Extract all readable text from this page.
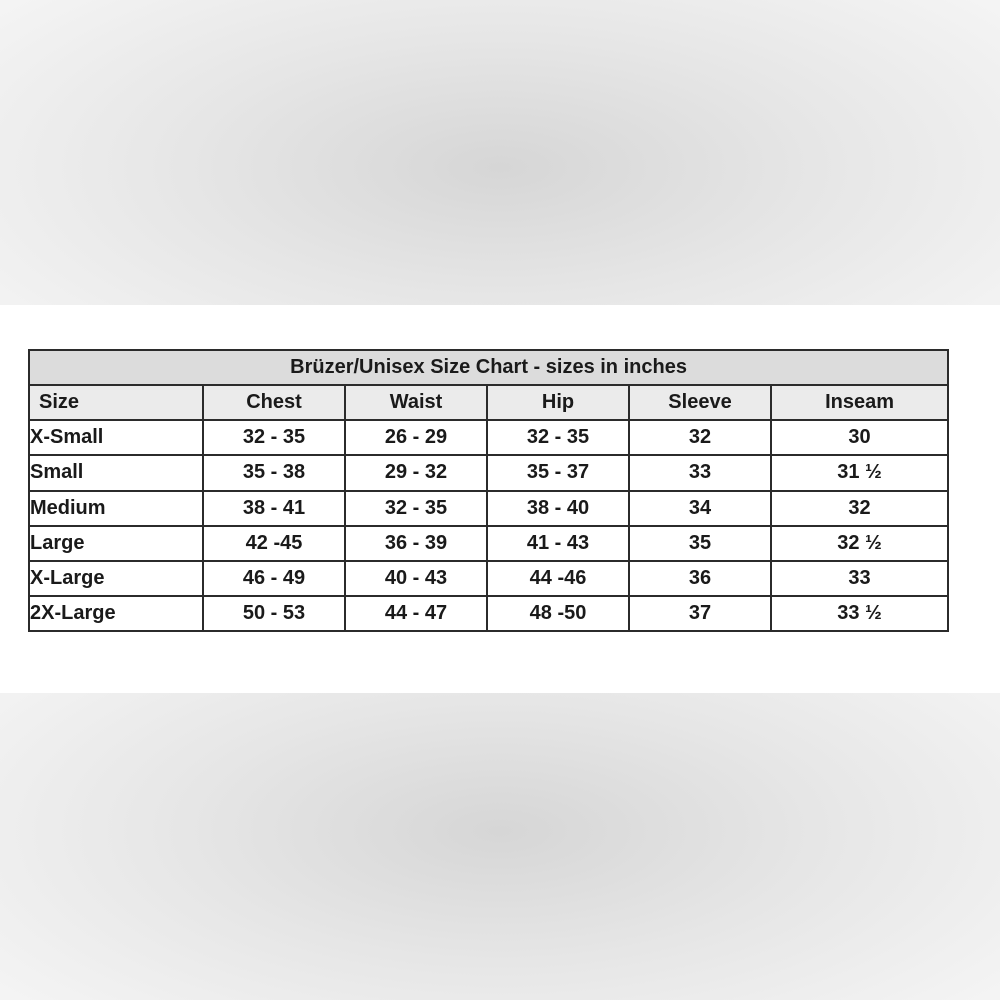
Brüzer/Unisex Size Chart - sizes in inches					
Size	Chest	Waist	Hip	Sleeve	Inseam
X-Small	32 - 35	26 - 29	32 - 35	32	30
Small	35 - 38	29 - 32	35 - 37	33	31 ½
Medium	38 - 41	32 - 35	38 - 40	34	32
Large	42 -45	36 - 39	41 - 43	35	32 ½
X-Large	46 - 49	40 - 43	44 -46	36	33
2X-Large	50 - 53	44 - 47	48 -50	37	33 ½
